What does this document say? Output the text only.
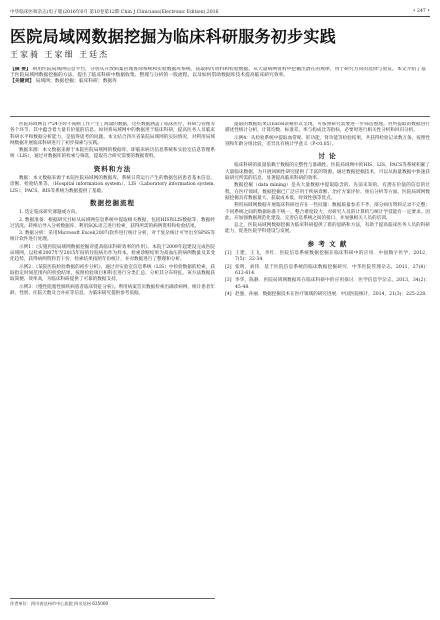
中华临床医师杂志(电子版)2016年6月 第10卷第12期 Chin J Clinicians(Electronic Edition),2016	• 247 •
医院局域网数据挖掘为临床科研服务初步实践
王家骑 王家细 王廷杰

【摘 要】 利用医院局域网信息平台，分别从开放病案管理查询系统和实验数据库系统，获取病历资料和检验数据。从大量病例资料中挖掘出潜在的规律，用于研究方向的选择与验证。本文介绍了基于医院局域网数据挖掘的方法，提出了临床科研中数据收集、整理与分析的一般流程，以及如何借助数据库技术提高临床研究效率。

【关键词】 局域网；数据挖掘；临床科研；数据库

医院局域网自7*24小时不间断工作产生了海量的数据，这些数据涵盖了临床医疗、科研与管理等各个环节，其中蕴含着大量有价值的信息。如何将局域网中的数据用于临床科研，提高医务人员临床科研水平和数据分析能力，是值得思考的问题。本文结合四川省某院局域网的实际情况，对利用局域网数据开展临床科研进行了初步探索与实践。

数据来源：本文数据来源于本院医院局域网的数据库，即临床病历信息系统和实验室信息管理系统（LIS），通过对数据库的检索与筛选，提取符合研究需要的数据资料。

资料和方法

数据：本文数据来源于本院医院局域网的数据库，系统日常运行产生的数据包括患者基本信息、诊断、检验结果等。（Hospital information system）、LIS（Laboratory information system, LIS）、PACS、RIS等系统为数据提供了基础。

数据挖掘流程

1. 选定临床研究课题或方向。

2. 数据准备：根据研究目标从局域网信息系统中提取相关数据，包括HIS和LIS数据等，数据经过清洗、转换后导入分析数据库，利用SQL语言进行检索，获得所需的病例资料和检验结果。

3. 数据分析：采用Microsoft Excel(2007)软件进行统计分析，对于复杂统计可导出至SPSS等统计软件进行处理。

示例1：《实施医院局域网数据挖掘对提高临床科研效率的作用》。本院于2009年起建设完成医院局域网，以检索2007年至2015年间的住院病历作为样本，检索诊断结果为高血压的病例数量及其变化趋势，获得病例资料若干份，检索结果按照年份统计，并对数据进行了整理和分析。

示例2：《某院医院检验数据的初步分析》。通过对实验室信息系统（LIS）中检验数据的检索，获取指定时间范围内的检验结果，按照检验项目和科室进行分类汇总，分析其分布特征。该方法数据获取简便、效率高，为临床科研提供了可靠的数据支持。

示例3：《慢性阻塞性肺疾病患者临床特征分析》。利用病案首页数据检索出确诊病例，统计患者年龄、性别、住院天数及合并症等信息，为临床研究提供参考依据。

作者单位：四川省达州市中心医院 四川达州 635000

提取的数据结果以Excel表格形式呈现，可按照研究需要进一步筛选整理。对所提取的数据进行描述性统计分析，计算均数、标准差、率与构成比等指标，必要时进行相关性分析和回归分析。

示例4：从检验系统中提取血常规、肝功能、肾功能等检验结果，共获得检验记录数万条，按照性别和年龄分组比较，差异具有统计学意义（P<0.05）。

讨 论

临床科研的质量依赖于数据的完整性与准确性。医院局域网中的HIS、LIS、PACS等系统积累了大量临床数据，为开展回顾性研究提供了丰富的资源。通过数据挖掘技术，可以从海量数据中快速获取研究所需的信息，显著提高临床科研的效率。

数据挖掘（data mining）是从大量数据中提取隐含的、先前未知的、有潜在价值的信息的过程。在医疗领域，数据挖掘已广泛应用于疾病诊断、治疗方案评价、预后分析等方面。医院局域网数据挖掘具有数据量大、获取成本低、时效性强等优点。

利用局域网数据开展临床科研也存在一些问题：数据质量参差不齐，部分病历资料记录不完整；不同系统之间的数据标准不统一，整合难度较大；对研究人员的计算机与统计学技能有一定要求。因此，应加强数据规范化建设，完善信息系统之间的接口，并加强相关人员的培训。

总之，医院局域网数据挖掘为临床科研提供了新的思路和方法，有助于提高临床医务人员的科研能力，促进医院学科建设与发展。

参 考 文 献

[1] 王建，王飞，李红．医院信息系统数据挖掘在临床科研中的应用．中国数字医学，2012，7(5)：32-34．

[2] 张明，刘伟．基于医院信息系统的临床数据挖掘研究．中华医院管理杂志，2011，27(8)：612-614．

[3] 李华，陈静．医院局域网数据库在临床科研中的应用探讨．医学信息学杂志，2013，34(2)：45-48．

[4] 赵强，孙丽．数据挖掘技术在医疗领域的研究进展．中国医院统计，2014，21(3)：225-228．
